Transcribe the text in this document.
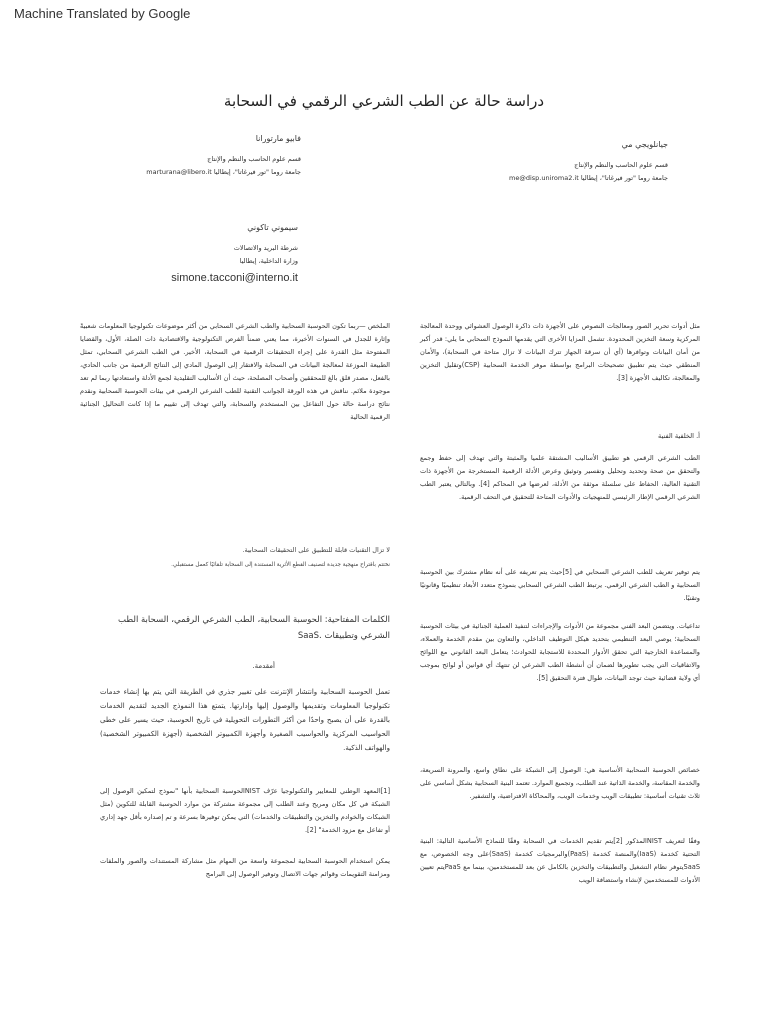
Machine Translated by Google
دراسة حالة عن الطب الشرعي الرقمي في السحابة
جيانلويجي مي
قسم علوم الحاسب والنظم والإنتاج
جامعة روما "تور فيرغاتا"، إيطاليا me@disp.uniroma2.it
فابيو مارتورانا
قسم علوم الحاسب والنظم والإنتاج
جامعة روما "تور فيرغاتا"، إيطاليا marturana@libero.it
سيموني تاكوني
شرطة البريد والاتصالات
وزارة الداخلية، إيطاليا
simone.tacconi@interno.it
الملخص —ربما تكون الحوسبة السحابية والطب الشرعي السحابي من أكثر موضوعات تكنولوجيا المعلومات شعبيةً وإثارة للجدل في السنوات الأخيرة، مما يعني ضمناً الفرص التكنولوجية والاقتصادية ذات الصلة، الأول، والقضايا المفتوحة مثل القدرة على إجراء التحقيقات الرقمية في السحابة، الأخير. في الطب الشرعي السحابي، تمثل الطبيعة الموزعة لمعالجة البيانات في السحابة والافتقار إلى الوصول المادي إلى النتائج الرقمية من جانب الحادي، بالفعل، مصدر قلق بالغ للمحققين وأصحاب المصلحة، حيث أن الأساليب التقليدية لجمع الأدلة واستعادتها ربما لم تعد موجودة ملائم. نناقش في هذه الورقة الجوانب التقنية للطب الشرعي الرقمي في بيئات الحوسبة السحابية ونقدم نتائج دراسة حالة حول التفاعل بين المستخدم والسحابة، والتي تهدف إلى تقييم ما إذا كانت التحاليل الجنائية الرقمية الحالية
لا تزال التقنيات قابلة للتطبيق على التحقيقات السحابية.
نختتم باقتراح منهجية جديدة لتصنيف القطع الأثرية المستندة إلى السحابة تلقائيًا كعمل مستقبلي.
الكلمات المفتاحية: الحوسبة السحابية، الطب الشرعي الرقمي، السحابة الطب الشرعي وتطبيقات .SaaS
أمقدمة.
تعمل الحوسبة السحابية وانتشار الإنترنت على تغيير جذري في الطريقة التي يتم بها إنشاء خدمات تكنولوجيا المعلومات وتقديمها والوصول إليها وإدارتها. يتمتع هذا النموذج الجديد لتقديم الخدمات بالقدرة على أن يصبح واحدًا من أكثر التطورات التحويلية في تاريخ الحوسبة، حيث يسير على خطى الحواسيب المركزية والحواسيب الصغيرة وأجهزة الكمبيوتر الشخصية (أجهزة الكمبيوتر الشخصية) والهواتف الذكية.
[1]المعهد الوطني للمعايير والتكنولوجيا عرّف NISTالحوسبة السحابية بأنها "نموذج لتمكين الوصول إلى الشبكة في كل مكان ومريح وعند الطلب إلى مجموعة مشتركة من موارد الحوسبة القابلة للتكوين (مثل الشبكات والخوادم والتخزين والتطبيقات والخدمات) التي يمكن توفيرها بسرعة و تم إصداره بأقل جهد إداري أو تفاعل مع مزود الخدمة" [2].
يمكن استخدام الحوسبة السحابية لمجموعة واسعة من المهام مثل مشاركة المستندات والصور والملفات ومزامنة التقويمات وقوائم جهات الاتصال وتوفير الوصول إلى البرامج
مثل أدوات تحرير الصور ومعالجات النصوص على الأجهزة ذات ذاكرة الوصول العشوائي ووحدة المعالجة المركزية وسعة التخزين المحدودة. تشمل المزايا الأخرى التي يقدمها النموذج السحابي ما يلي: قدر أكبر من أمان البيانات وتوافرها (أي أن سرقة الجهاز تترك البيانات لا تزال متاحة في السحابة)، والأمان المنطقي حيث يتم تطبيق تصحيحات البرامج بواسطة موفر الخدمة السحابية (CSP)وتقليل التخزين والمعالجة، تكاليف الأجهزة [3].
أ. الخلفية الفنية
الطب الشرعي الرقمي هو تطبيق الأساليب المشتقة علميا والمثبتة والتي تهدف إلى حفظ وجمع والتحقق من صحة وتحديد وتحليل وتفسير وتوثيق وعرض الأدلة الرقمية المستخرجة من الأجهزة ذات التقنية العالية، الحفاظ على سلسلة موثقة من الأدلة، لعرضها في المحاكم [4]. وبالتالي يعتبر الطب الشرعي الرقمي الإطار الرئيسي للمنهجيات والأدوات المتاحة للتحقيق في التحف الرقمية.
يتم توفير تعريف للطب الشرعي السحابي في [5]حيث يتم تعريفه على أنه نظام مشترك بين الحوسبة السحابية و الطب الشرعي الرقمي. يرتبط الطب الشرعي السحابي بنموذج متعدد الأبعاد تنظيميًا وقانونيًا وتقنيًا.
تداعيات. ويتضمن البعد الفني مجموعة من الأدوات والإجراءات لتنفيذ العملية الجنائية في بيئات الحوسبة السحابية؛ يوصي البعد التنظيمي بتحديد هيكل التوظيف الداخلي، والتعاون بين مقدم الخدمة والعملاء، والمساعدة الخارجية التي تحقق الأدوار المحددة للاستجابة للحوادث؛ يتعامل البعد القانوني مع اللوائح والاتفاقيات التي يجب تطويرها لضمان أن أنشطة الطب الشرعي لن تنتهك أي قوانين أو لوائح بموجب أي ولاية قضائية حيث توجد البيانات، طوال فترة التحقيق [5].
خصائص الحوسبة السحابية الأساسية هي: الوصول إلى الشبكة على نطاق واسع، والمرونة السريعة، والخدمة المقاسة، والخدمة الذاتية عند الطلب، وتجميع الموارد. تعتمد البنية السحابية بشكل أساسي على ثلاث تقنيات أساسية: تطبيقات الويب وخدمات الويب، والمحاكاة الافتراضية، والتشفير.
وفقًا لتعريف NISTالمذكور [2]يتم تقديم الخدمات في السحابة وفقًا للنماذج الأساسية التالية: البنية التحتية كخدمة (IaaS)والمنصة كخدمة (PaaS)والبرمجيات كخدمة (SaaS)على وجه الخصوص، مع SaaSيتوفر نظام التشغيل والتطبيقات والتخزين بالكامل عن بعد للمستخدمين، بينما مع PaaSيتم تعيين الأدوات للمستخدمين لإنشاء واستضافة الويب
